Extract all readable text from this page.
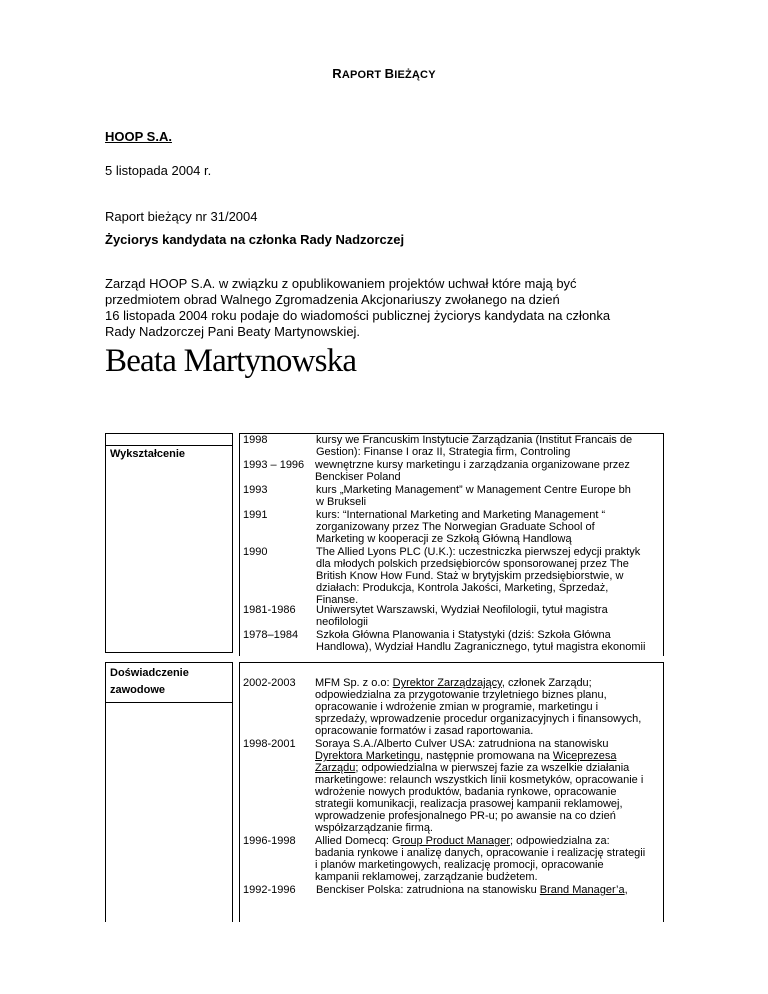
RAPORT BIEŻĄCY
HOOP S.A.
5 listopada 2004 r.
Raport bieżący nr 31/2004
Życiorys kandydata na członka Rady Nadzorczej
Zarząd HOOP S.A. w związku z opublikowaniem projektów uchwał które mają być
przedmiotem obrad Walnego Zgromadzenia Akcjonariuszy zwołanego na dzień
16 listopada 2004 roku podaje do wiadomości publicznej życiorys kandydata na członka
Rady Nadzorczej Pani Beaty Martynowskiej.
Beata Martynowska
Wykształcenie
1998	kursy we Francuskim Instytucie Zarządzania (Institut Francais de
Gestion): Finanse I oraz II, Strategia firm, Controling
1993 – 1996 wewnętrzne kursy marketingu i zarządzania organizowane przez
Benckiser Poland
1993	kurs „Marketing Management” w Management Centre Europe bh
w Brukseli
1991	kurs: “International Marketing and Marketing Management “
zorganizowany przez The Norwegian Graduate School of
Marketing w kooperacji ze Szkołą Główną Handlową
1990	The Allied Lyons PLC (U.K.): uczestniczka pierwszej edycji praktyk
dla młodych polskich przedsiębiorców sponsorowanej przez The
British Know How Fund. Staż w brytyjskim przedsiębiorstwie, w
działach: Produkcja, Kontrola Jakości, Marketing, Sprzedaż,
Finanse.
1981-1986 Uniwersytet Warszawski, Wydział Neofilologii, tytuł magistra
neofilologii
1978–1984 Szkoła Główna Planowania i Statystyki (dziś: Szkoła Główna
Handlowa), Wydział Handlu Zagranicznego, tytuł magistra ekonomii
Doświadczenie
zawodowe
2002-2003 MFM Sp. z o.o: Dyrektor Zarządzający, członek Zarządu;
odpowiedzialna za przygotowanie trzyletniego biznes planu,
opracowanie i wdrożenie zmian w programie, marketingu i
sprzedaży, wprowadzenie procedur organizacyjnych i finansowych,
opracowanie formatów i zasad raportowania.
1998-2001 Soraya S.A./Alberto Culver USA: zatrudniona na stanowisku
Dyrektora Marketingu, następnie promowana na Wiceprezesa
Zarządu; odpowiedzialna w pierwszej fazie za wszelkie działania
marketingowe: relaunch wszystkich linii kosmetyków, opracowanie i
wdrożenie nowych produktów, badania rynkowe, opracowanie
strategii komunikacji, realizacja prasowej kampanii reklamowej,
wprowadzenie profesjonalnego PR-u; po awansie na co dzień
współzarządzanie firmą.
1996-1998 Allied Domecq: Group Product Manager; odpowiedzialna za:
badania rynkowe i analizę danych, opracowanie i realizację strategii
i planów marketingowych, realizację promocji, opracowanie
kampanii reklamowej, zarządzanie budżetem.
1992-1996 Benckiser Polska: zatrudniona na stanowisku Brand Manager’a,
